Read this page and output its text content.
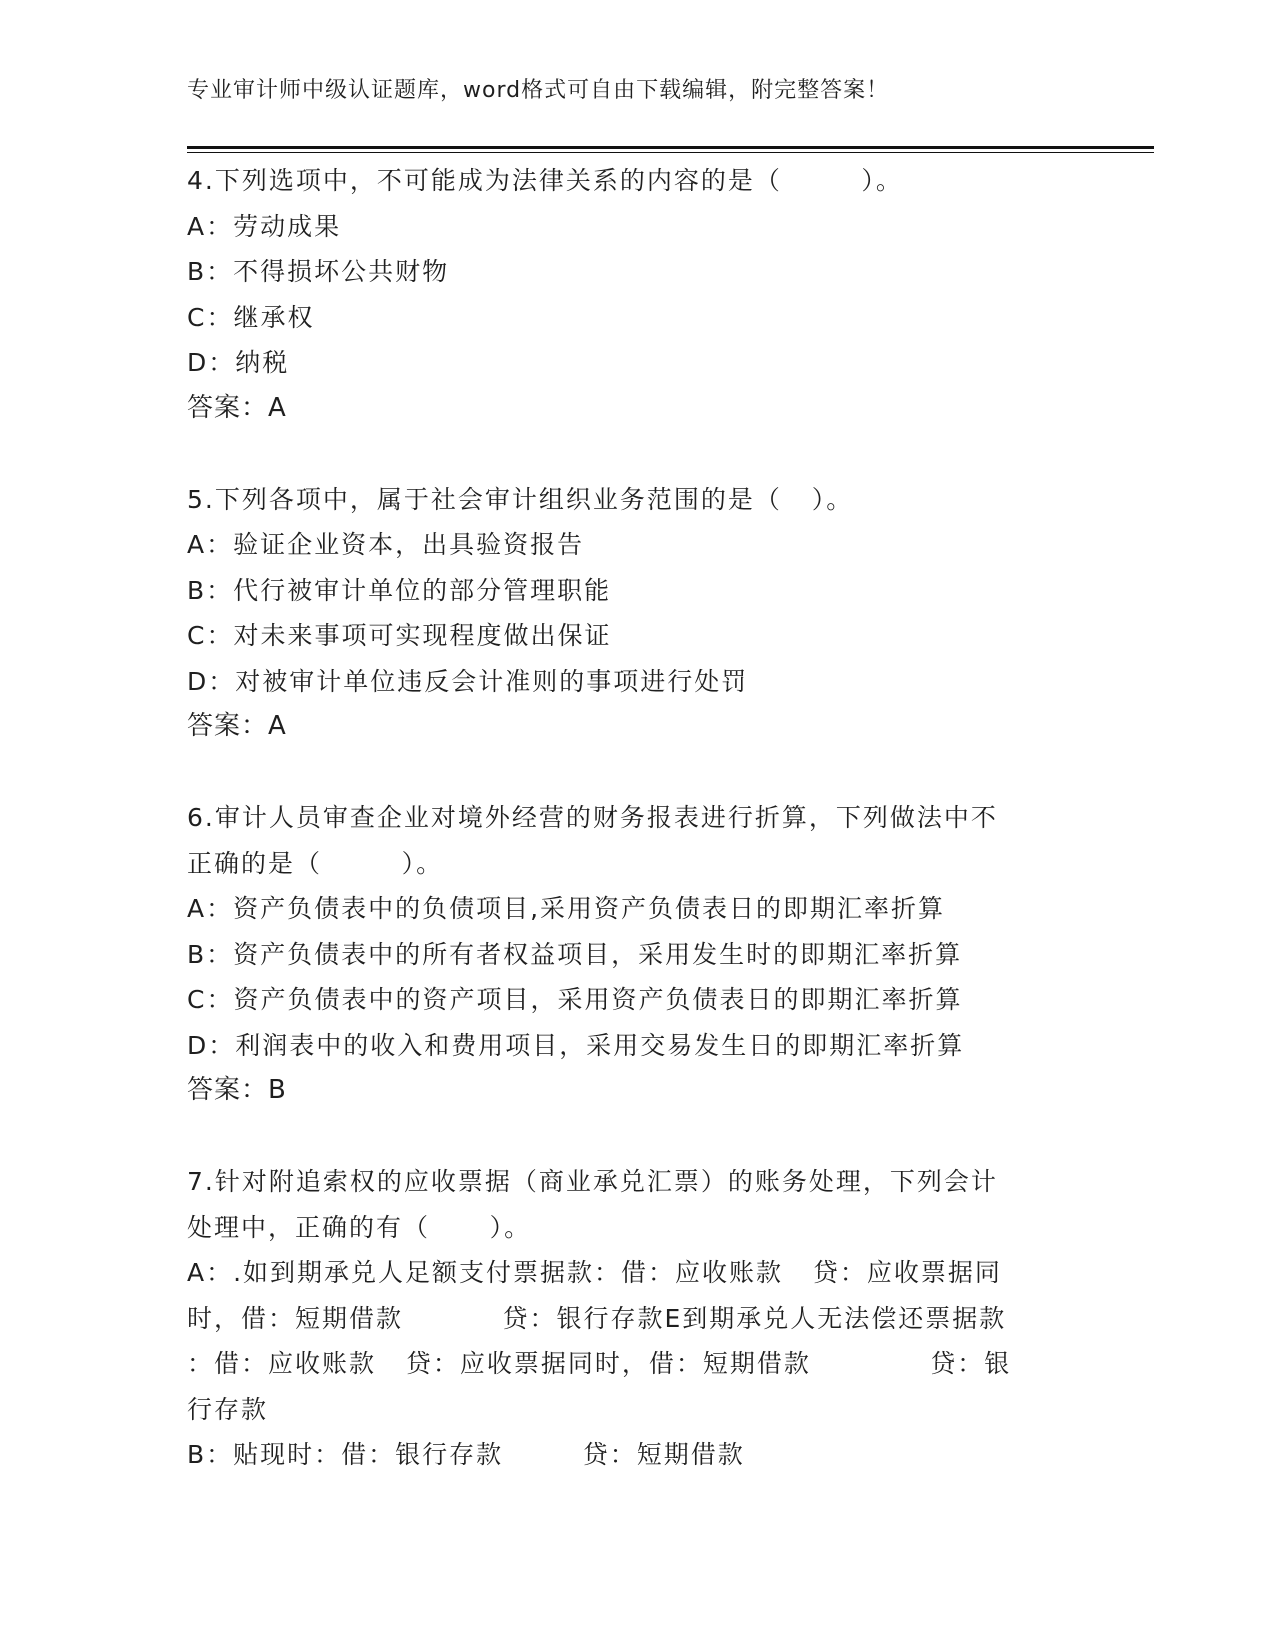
专业审计师中级认证题库，word格式可自由下载编辑，附完整答案！
4.下列选项中，不可能成为法律关系的内容的是（        ）。
A：劳动成果
B：不得损坏公共财物
C：继承权
D：纳税
答案：A
5.下列各项中，属于社会审计组织业务范围的是（   ）。
A：验证企业资本，出具验资报告
B：代行被审计单位的部分管理职能
C：对未来事项可实现程度做出保证
D：对被审计单位违反会计准则的事项进行处罚
答案：A
6.审计人员审查企业对境外经营的财务报表进行折算，下列做法中不
正确的是（        ）。
A：资产负债表中的负债项目,采用资产负债表日的即期汇率折算
B：资产负债表中的所有者权益项目，采用发生时的即期汇率折算
C：资产负债表中的资产项目，采用资产负债表日的即期汇率折算
D：利润表中的收入和费用项目，采用交易发生日的即期汇率折算
答案：B
7.针对附追索权的应收票据（商业承兑汇票）的账务处理，下列会计
处理中，正确的有（      ）。
A：.如到期承兑人足额支付票据款：借：应收账款   贷：应收票据同
时，借：短期借款          贷：银行存款E到期承兑人无法偿还票据款
：借：应收账款   贷：应收票据同时，借：短期借款            贷：银
行存款
B：贴现时：借：银行存款        贷：短期借款
